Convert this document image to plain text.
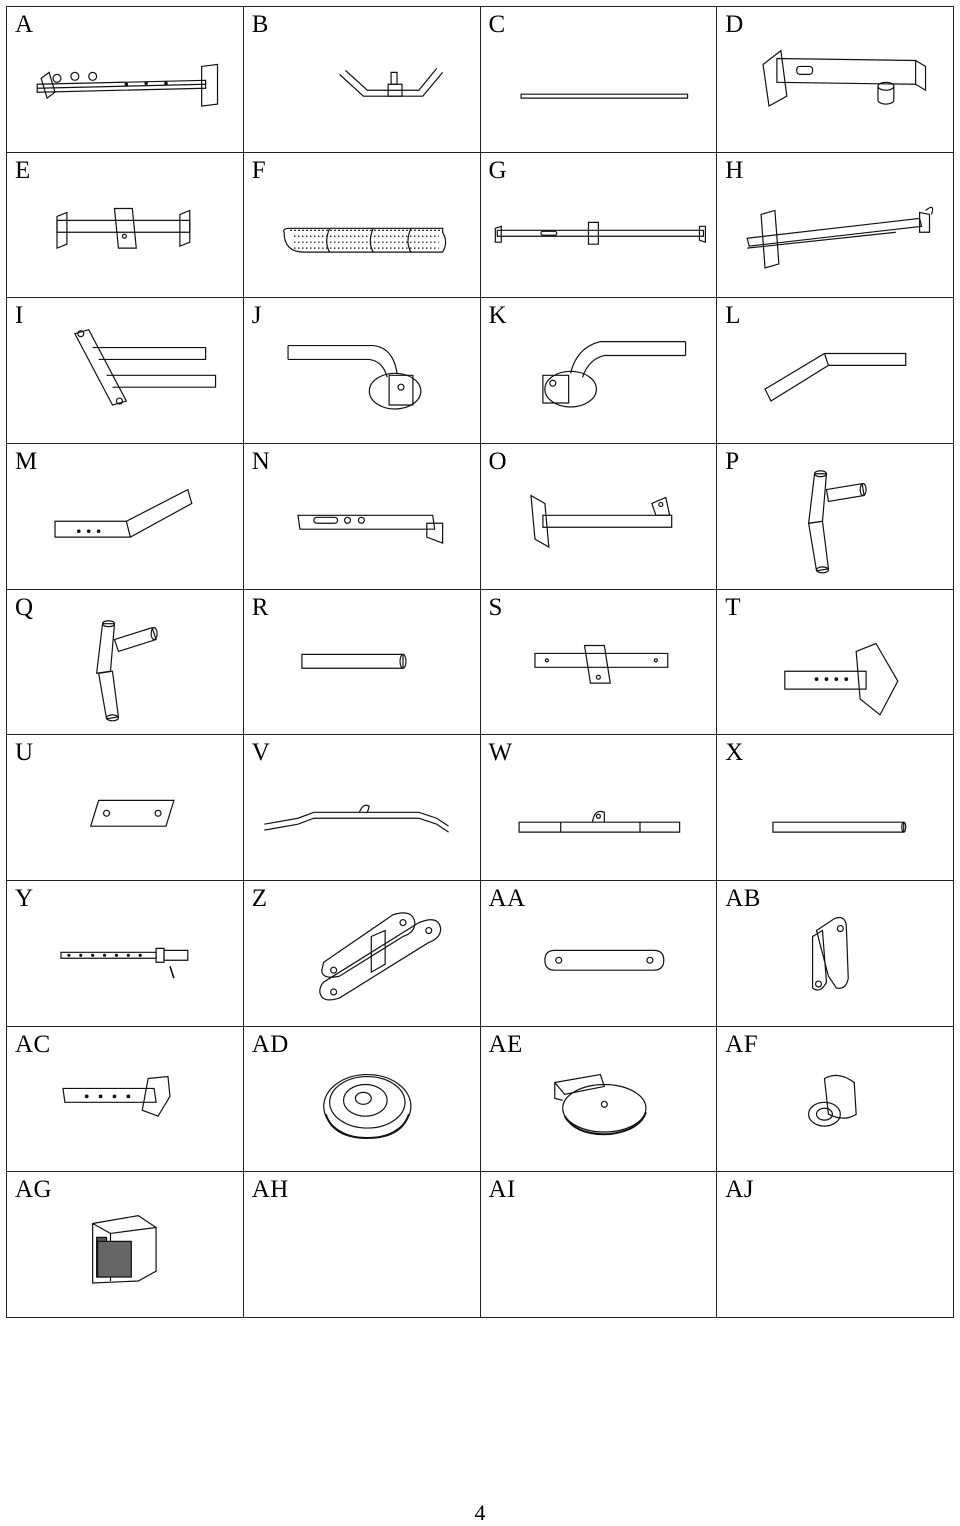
A	B	C	D
E	F	G	H
I	J	K	L
M	N	O	P
Q	R	S	T
U	V	W	X
Y	Z	AA	AB
AC	AD	AE	AF
AG	AH	AI	AJ
4
